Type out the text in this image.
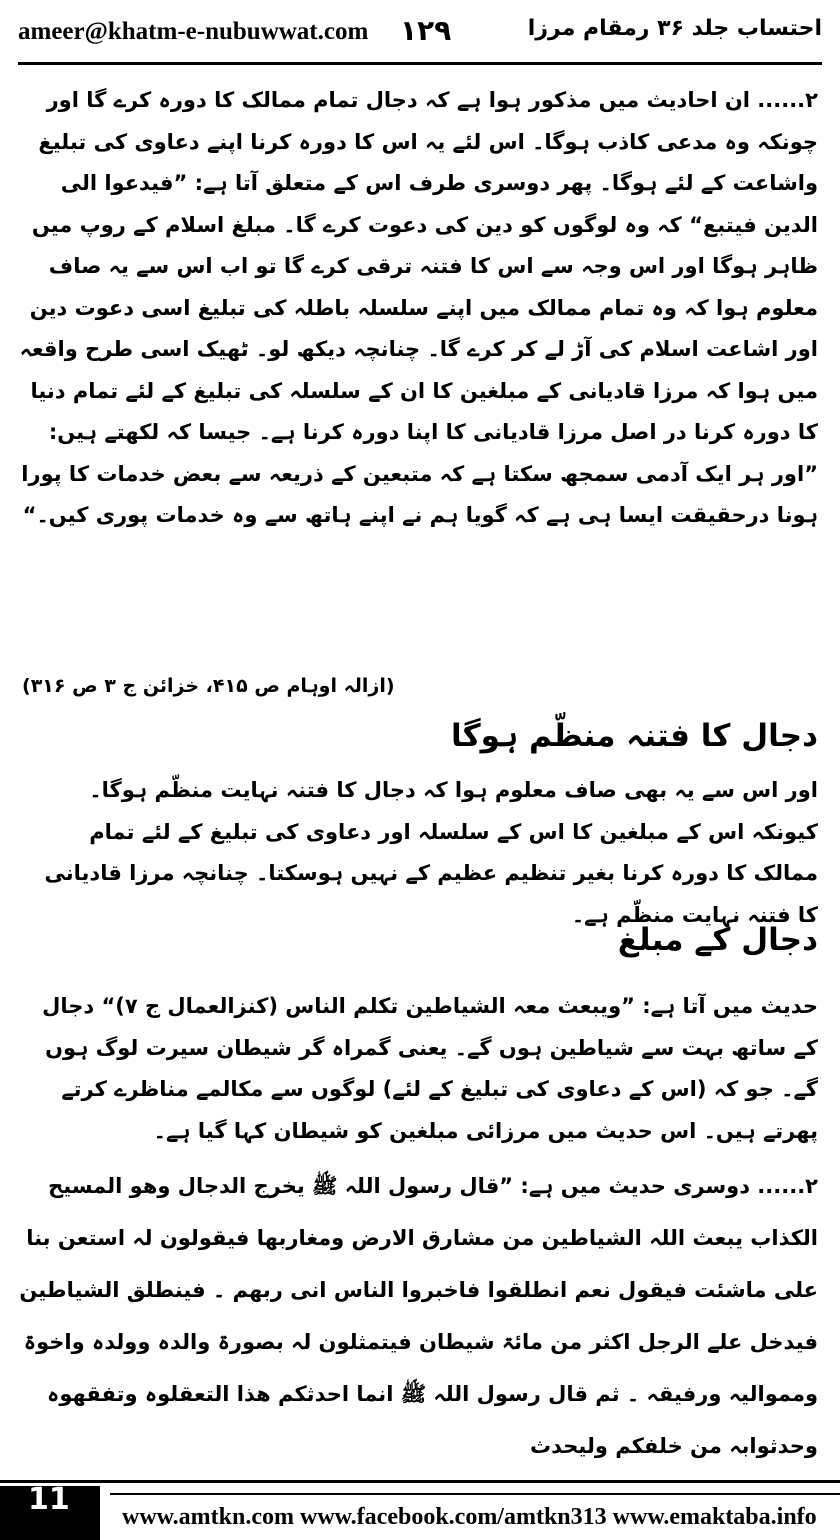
ameer@khatm-e-nubuwwat.com ۱۲۹	احتساب جلد ۳۶ رمقام مرزا
۲...... ان احادیث میں مذکور ہوا ہے کہ دجال تمام ممالک کا دورہ کرے گا اور چونکہ وہ مدعی کاذب ہوگا۔ اس لئے یہ اس کا دورہ کرنا اپنے دعاوی کی تبلیغ واشاعت کے لئے ہوگا۔ پھر دوسری طرف اس کے متعلق آتا ہے: ”فیدعوا الی الدین فیتبع“ کہ وہ لوگوں کو دین کی دعوت کرے گا۔ مبلغ اسلام کے روپ میں ظاہر ہوگا اور اس وجہ سے اس کا فتنہ ترقی کرے گا تو اب اس سے یہ صاف معلوم ہوا کہ وہ تمام ممالک میں اپنے سلسلہ باطلہ کی تبلیغ اسی دعوت دین اور اشاعت اسلام کی آڑ لے کر کرے گا۔ چنانچہ دیکھ لو۔ ٹھیک اسی طرح واقعہ میں ہوا کہ مرزا قادیانی کے مبلغین کا ان کے سلسلہ کی تبلیغ کے لئے تمام دنیا کا دورہ کرنا در اصل مرزا قادیانی کا اپنا دورہ کرنا ہے۔ جیسا کہ لکھتے ہیں: ”اور ہر ایک آدمی سمجھ سکتا ہے کہ متبعین کے ذریعہ سے بعض خدمات کا پورا ہونا درحقیقت ایسا ہی ہے کہ گویا ہم نے اپنے ہاتھ سے وہ خدمات پوری کیں۔“
(ازالہ اوہام ص ۴۱۵، خزائن ج ۳ ص ۳۱۶)
دجال کا فتنہ منظّم ہوگا
اور اس سے یہ بھی صاف معلوم ہوا کہ دجال کا فتنہ نہایت منظّم ہوگا۔ کیونکہ اس کے مبلغین کا اس کے سلسلہ اور دعاوی کی تبلیغ کے لئے تمام ممالک کا دورہ کرنا بغیر تنظیم عظیم کے نہیں ہوسکتا۔ چنانچہ مرزا قادیانی کا فتنہ نہایت منظّم ہے۔
دجال کے مبلغ
حدیث میں آتا ہے: ”ویبعث معہ الشیاطین تکلم الناس (کنزالعمال ج ۷)“ دجال کے ساتھ بہت سے شیاطین ہوں گے۔ یعنی گمراہ گر شیطان سیرت لوگ ہوں گے۔ جو کہ (اس کے دعاوی کی تبلیغ کے لئے) لوگوں سے مکالمے مناظرے کرتے پھرتے ہیں۔ اس حدیث میں مرزائی مبلغین کو شیطان کہا گیا ہے۔
۲...... دوسری حدیث میں ہے: ”قال رسول اللہ ﷺ یخرج الدجال وھو المسیح الکذاب یبعث اللہ الشیاطین من مشارق الارض ومغاربھا فیقولون لہ استعن بنا علی ماشئت فیقول نعم انطلقوا فاخبروا الناس انی ربھم ۔ فینطلق الشیاطین فیدخل علے الرجل اکثر من مائۃ شیطان فیتمثلون لہ بصورۃ والدہ وولدہ واخوۃ ومموالیہ ورفیقہ ۔ ثم قال رسول اللہ ﷺ انما احدثکم ھذا التعقلوہ وتفقھوہ وحدثوابہ من خلفکم ولیحدث
11 www.amtkn.com www.facebook.com/amtkn313 www.emaktaba.info
